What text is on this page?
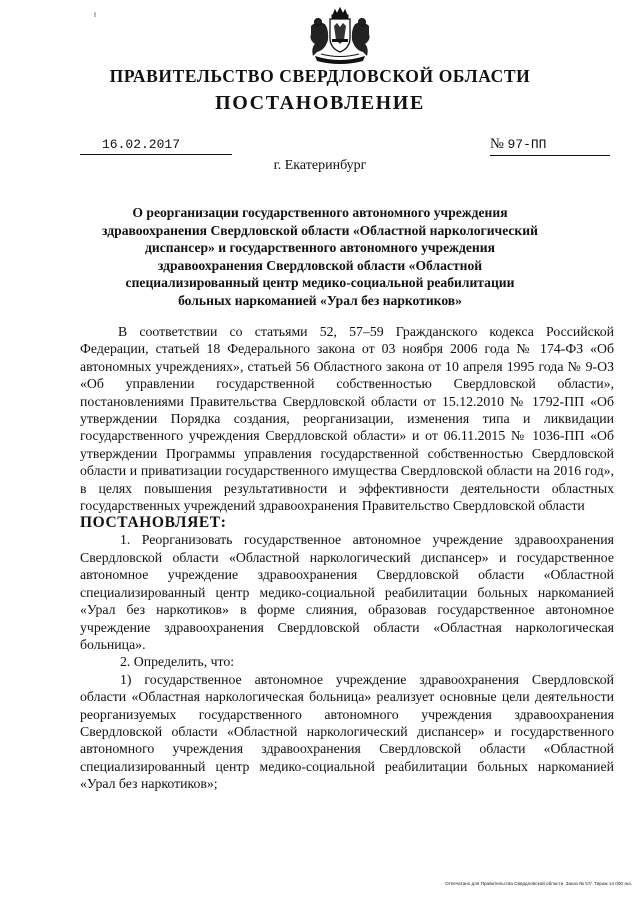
ⱡ
ПРАВИТЕЛЬСТВО СВЕРДЛОВСКОЙ ОБЛАСТИ
ПОСТАНОВЛЕНИЕ
16.02.2017	№ 97-ПП
г. Екатеринбург
О реорганизации государственного автономного учреждения здравоохранения Свердловской области «Областной наркологический диспансер» и государственного автономного учреждения здравоохранения Свердловской области «Областной специализированный центр медико-социальной реабилитации больных наркоманией «Урал без наркотиков»

В соответствии со статьями 52, 57–59 Гражданского кодекса Российской Федерации, статьей 18 Федерального закона от 03 ноября 2006 года № 174-ФЗ «Об автономных учреждениях», статьей 56 Областного закона от 10 апреля 1995 года № 9-ОЗ «Об управлении государственной собственностью Свердловской области», постановлениями Правительства Свердловской области от 15.12.2010 № 1792-ПП «Об утверждении Порядка создания, реорганизации, изменения типа и ликвидации государственного учреждения Свердловской области» и от 06.11.2015 № 1036-ПП «Об утверждении Программы управления государственной собственностью Свердловской области и приватизации государственного имущества Свердловской области на 2016 год», в целях повышения результативности и эффективности деятельности областных государственных учреждений здравоохранения Правительство Свердловской области

ПОСТАНОВЛЯЕТ:

1. Реорганизовать государственное автономное учреждение здравоохранения Свердловской области «Областной наркологический диспансер» и государственное автономное учреждение здравоохранения Свердловской области «Областной специализированный центр медико-социальной реабилитации больных наркоманией «Урал без наркотиков» в форме слияния, образовав государственное автономное учреждение здравоохранения Свердловской области «Областная наркологическая больница».

2. Определить, что:

1) государственное автономное учреждение здравоохранения Свердловской области «Областная наркологическая больница» реализует основные цели деятельности реорганизуемых государственного автономного учреждения здравоохранения Свердловской области «Областной наркологический диспансер» и государственного автономного учреждения здравоохранения Свердловской области «Областной специализированный центр медико-социальной реабилитации больных наркоманией «Урал без наркотиков»;

Отпечатано для Правительства Свердловской области. Заказ № 57/. Тираж 14 000 экз.
